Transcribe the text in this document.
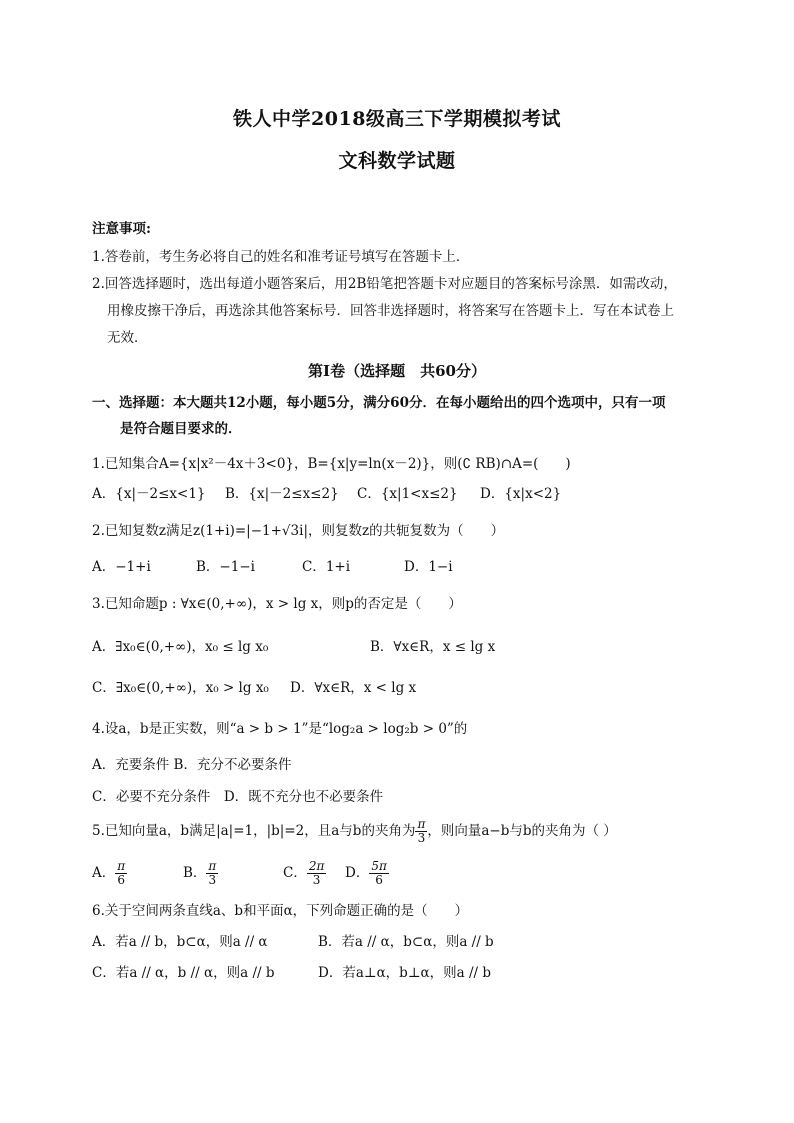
铁人中学2018级高三下学期模拟考试
文科数学试题
注意事项:
1.答卷前，考生务必将自己的姓名和准考证号填写在答题卡上．
2.回答选择题时，选出每道小题答案后，用2B铅笔把答题卡对应题目的答案标号涂黑．如需改动，
用橡皮擦干净后，再选涂其他答案标号．回答非选择题时，将答案写在答题卡上．写在本试卷上
无效．
第Ⅰ卷（选择题　共60分）
一、选择题：本大题共12小题，每小题5分，满分60分．在每小题给出的四个选项中，只有一项
是符合题目要求的．
1.已知集合A={x|x²－4x＋3<0}，B={x|y=ln(x－2)}，则(∁ RB)∩A=(　　)
A．{x|－2≤x<1} B．{x|－2≤x≤2} C．{x|1<x≤2} D．{x|x<2}
2.已知复数z满足z(1+i)=|−1+√3i|，则复数z的共轭复数为（　　）
A．−1+i	B．−1−i	C．1+i	D．1−i
3.已知命题p : ∀x∈(0,+∞)，x > lg x，则p的否定是（　　）
A．∃x₀∈(0,+∞)，x₀ ≤ lg x₀	B．∀x∈R，x ≤ lg x
C．∃x₀∈(0,+∞)，x₀ > lg x₀ D．∀x∈R，x < lg x
4.设a，b是正实数，则“a > b > 1”是“log₂a > log₂b > 0”的
A．充要条件 B．充分不必要条件
C．必要不充分条件　D．既不充分也不必要条件
5.已知向量a，b满足|a|=1，|b|=2，且a与b的夹角为 $\frac{\pi}{3}$ ，则向量a−b与b的夹角为（ ）
A． $\frac{\pi}{6}$	B． $\frac{\pi}{3}$	C． $\frac{2\pi}{3}$ D． $\frac{5\pi}{6}$
6.关于空间两条直线a、b和平面α，下列命题正确的是（　　）
A．若a // b，b⊂α，则a // α	B．若a // α，b⊂α，则a // b
C．若a // α，b // α，则a // b	D．若a⊥α，b⊥α，则a // b
